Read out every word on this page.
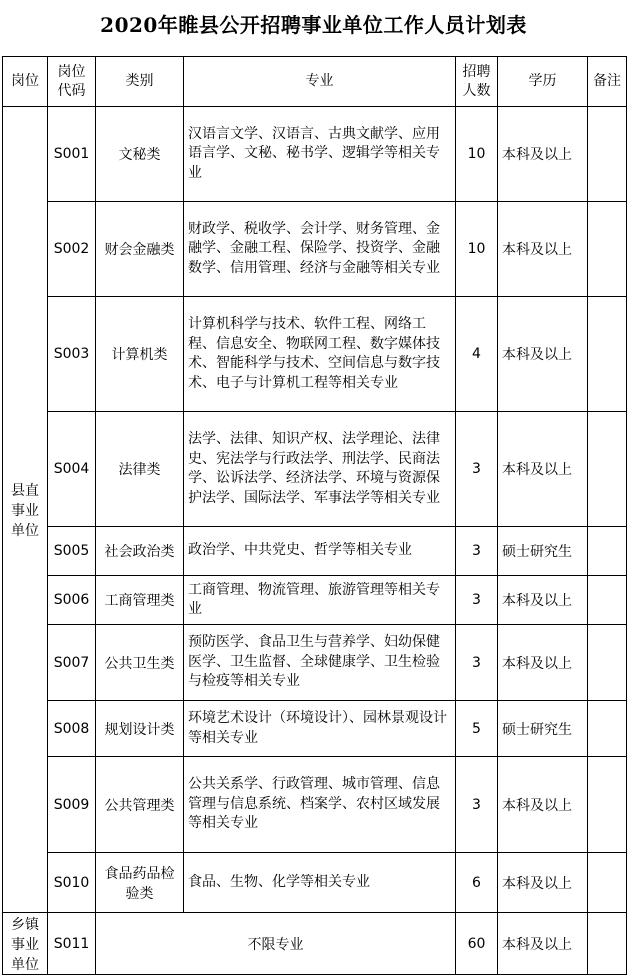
2020年睢县公开招聘事业单位工作人员计划表
岗位	岗位代码	类别	专业	招聘人数	学历	备注
县直事业单位	S001	文秘类	汉语言文学、汉语言、古典文献学、应用语言学、文秘、秘书学、逻辑学等相关专业	10	本科及以上	
	S002	财会金融类	财政学、税收学、会计学、财务管理、金融学、金融工程、保险学、投资学、金融数学、信用管理、经济与金融等相关专业	10	本科及以上	
	S003	计算机类	计算机科学与技术、软件工程、网络工程、信息安全、物联网工程、数字媒体技术、智能科学与技术、空间信息与数字技术、电子与计算机工程等相关专业	4	本科及以上	
	S004	法律类	法学、法律、知识产权、法学理论、法律史、宪法学与行政法学、刑法学、民商法学、讼诉法学、经济法学、环境与资源保护法学、国际法学、军事法学等相关专业	3	本科及以上	
	S005	社会政治类	政治学、中共党史、哲学等相关专业	3	硕士研究生	
	S006	工商管理类	工商管理、物流管理、旅游管理等相关专业	3	本科及以上	
	S007	公共卫生类	预防医学、食品卫生与营养学、妇幼保健医学、卫生监督、全球健康学、卫生检验与检疫等相关专业	3	本科及以上	
	S008	规划设计类	环境艺术设计（环境设计）、园林景观设计等相关专业	5	硕士研究生	
	S009	公共管理类	公共关系学、行政管理、城市管理、信息管理与信息系统、档案学、农村区域发展等相关专业	3	本科及以上	
	S010	食品药品检验类	食品、生物、化学等相关专业	6	本科及以上	
乡镇事业单位	S011	不限专业		60	本科及以上	
